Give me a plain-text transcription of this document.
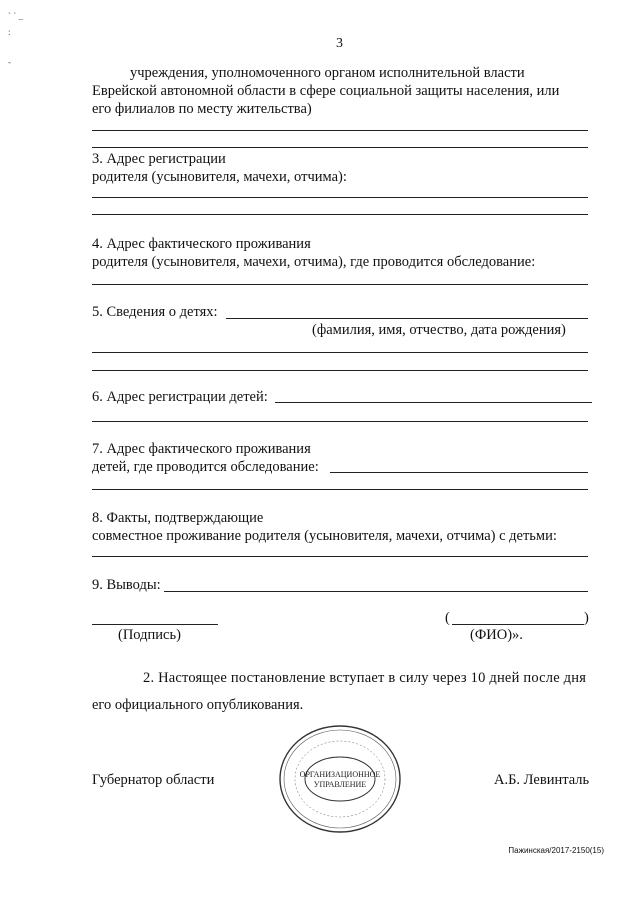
` ` _
:
-
3
учреждения, уполномоченного органом исполнительной власти
Еврейской автономной области в сфере социальной защиты населения, или
его филиалов по месту жительства)
3. Адрес регистрации
родителя (усыновителя, мачехи, отчима):
4. Адрес фактического проживания
родителя (усыновителя, мачехи, отчима), где проводится обследование:
5. Сведения о детях:
(фамилия, имя, отчество, дата рождения)
6. Адрес регистрации детей:
7. Адрес фактического проживания
детей, где проводится обследование:
8. Факты, подтверждающие
совместное проживание родителя (усыновителя, мачехи, отчима) с детьми:
9. Выводы:
(Подпись)
(	)
(ФИО)».
2. Настоящее постановление вступает в силу через 10 дней после дня
его официального опубликования.
Губернатор области	А.Б. Левинталь
ОРГАНИЗАЦИОННОЕ
УПРАВЛЕНИЕ
Пажинская/2017-2150(15)
